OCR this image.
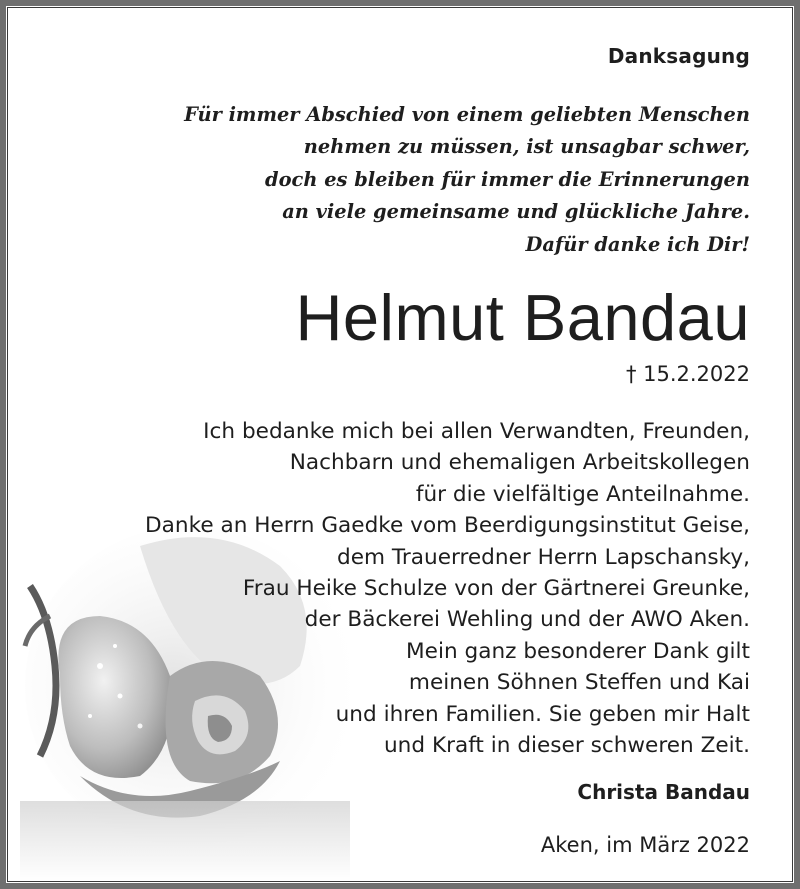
Danksagung
Für immer Abschied von einem geliebten Menschen
nehmen zu müssen, ist unsagbar schwer,
doch es bleiben für immer die Erinnerungen
an viele gemeinsame und glückliche Jahre.
Dafür danke ich Dir!
Helmut Bandau
† 15.2.2022
Ich bedanke mich bei allen Verwandten, Freunden,
Nachbarn und ehemaligen Arbeitskollegen
für die vielfältige Anteilnahme.
Danke an Herrn Gaedke vom Beerdigungsinstitut Geise,
dem Trauerredner Herrn Lapschansky,
Frau Heike Schulze von der Gärtnerei Greunke,
der Bäckerei Wehling und der AWO Aken.
Mein ganz besonderer Dank gilt
meinen Söhnen Steffen und Kai
und ihren Familien. Sie geben mir Halt
und Kraft in dieser schweren Zeit.
Christa Bandau
Aken, im März 2022
